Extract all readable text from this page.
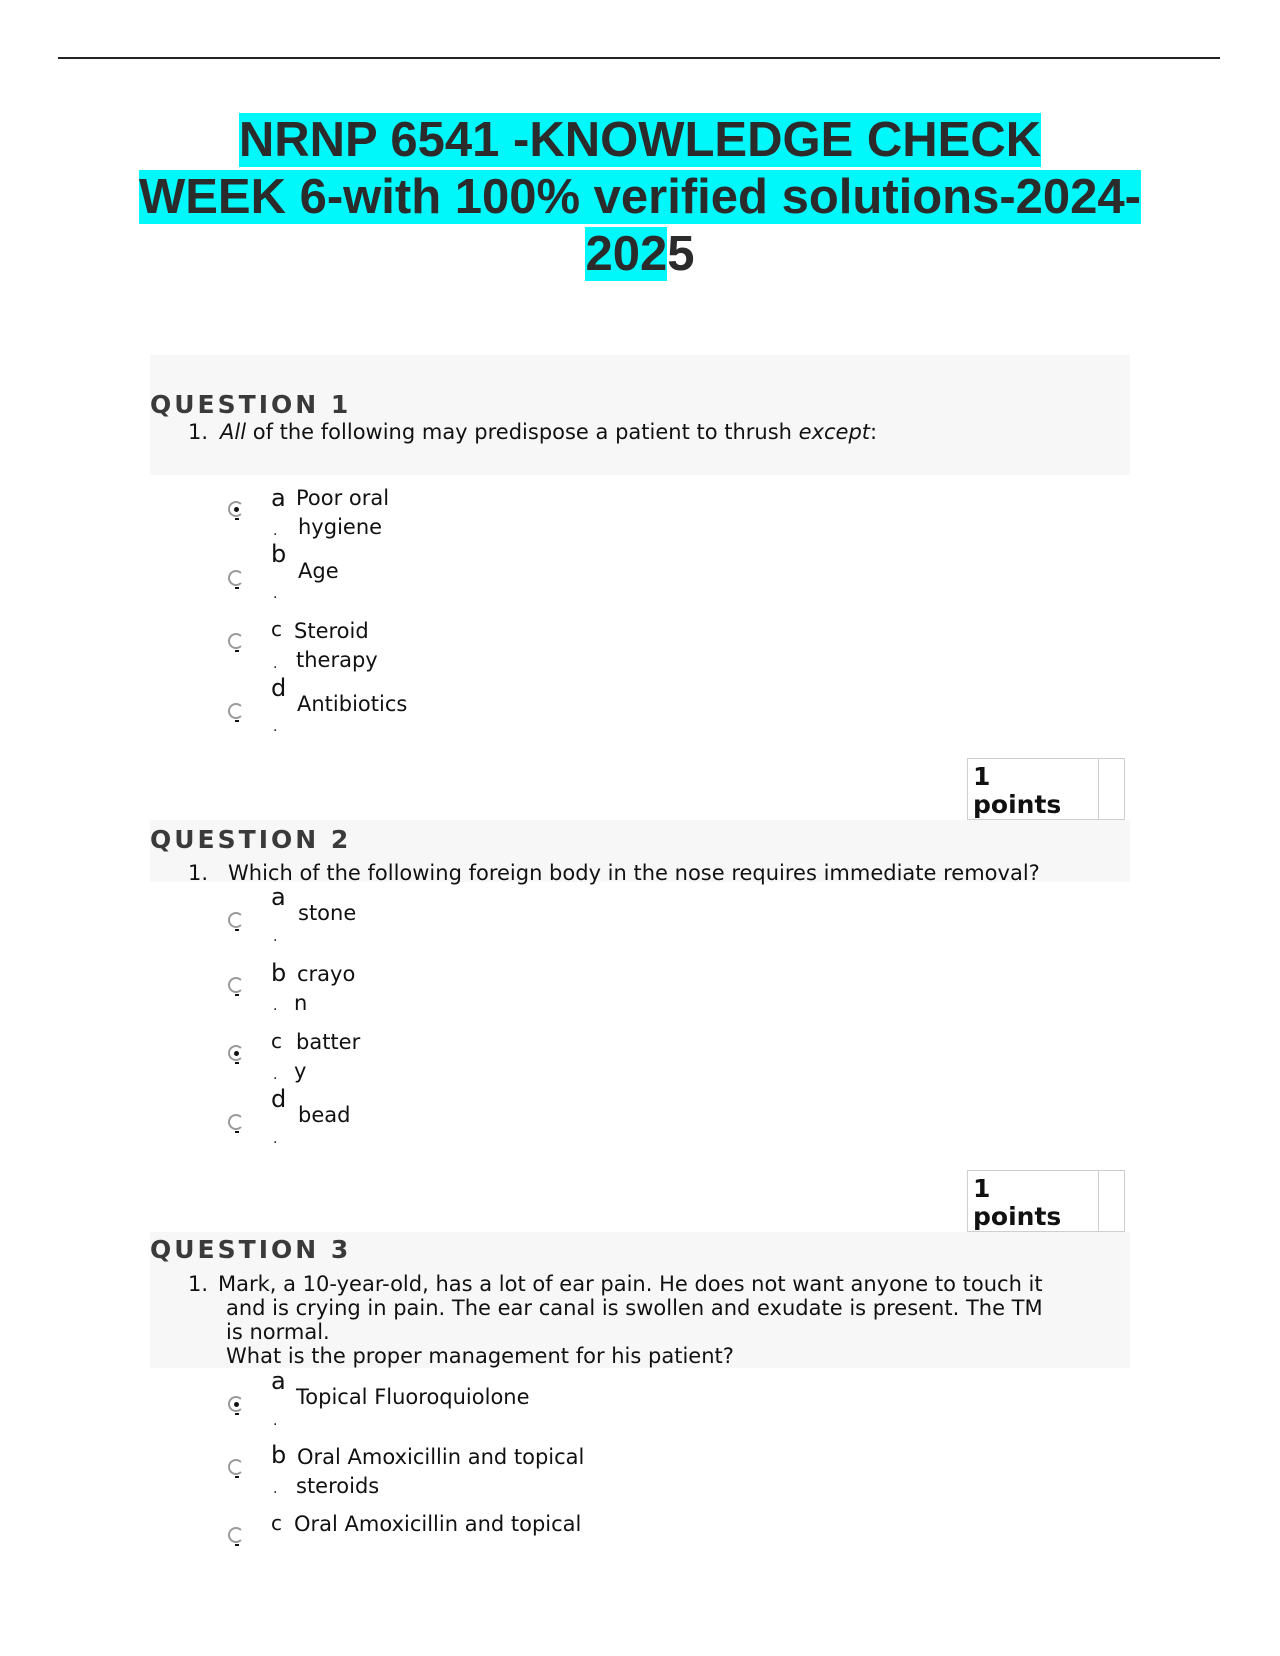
NRNP 6541 -KNOWLEDGE CHECK
WEEK 6-with 100% verified solutions-2024-
2025
QUESTION 1
1. All of the following may predispose a patient to thrush except:
a
.
Poor oral
hygiene
b
.
Age
c
.
Steroid
therapy
d
.
Antibiotics
1
points
QUESTION 2
1. Which of the following foreign body in the nose requires immediate removal?
a
.
stone
b
.
crayo
n
c
.
batter
y
d
.
bead
1
points
QUESTION 3
1. Mark, a 10-year-old, has a lot of ear pain. He does not want anyone to touch it
and is crying in pain. The ear canal is swollen and exudate is present. The TM
is normal.
What is the proper management for his patient?
a
.
Topical Fluoroquiolone
b
.
Oral Amoxicillin and topical
steroids
c Oral Amoxicillin and topical
